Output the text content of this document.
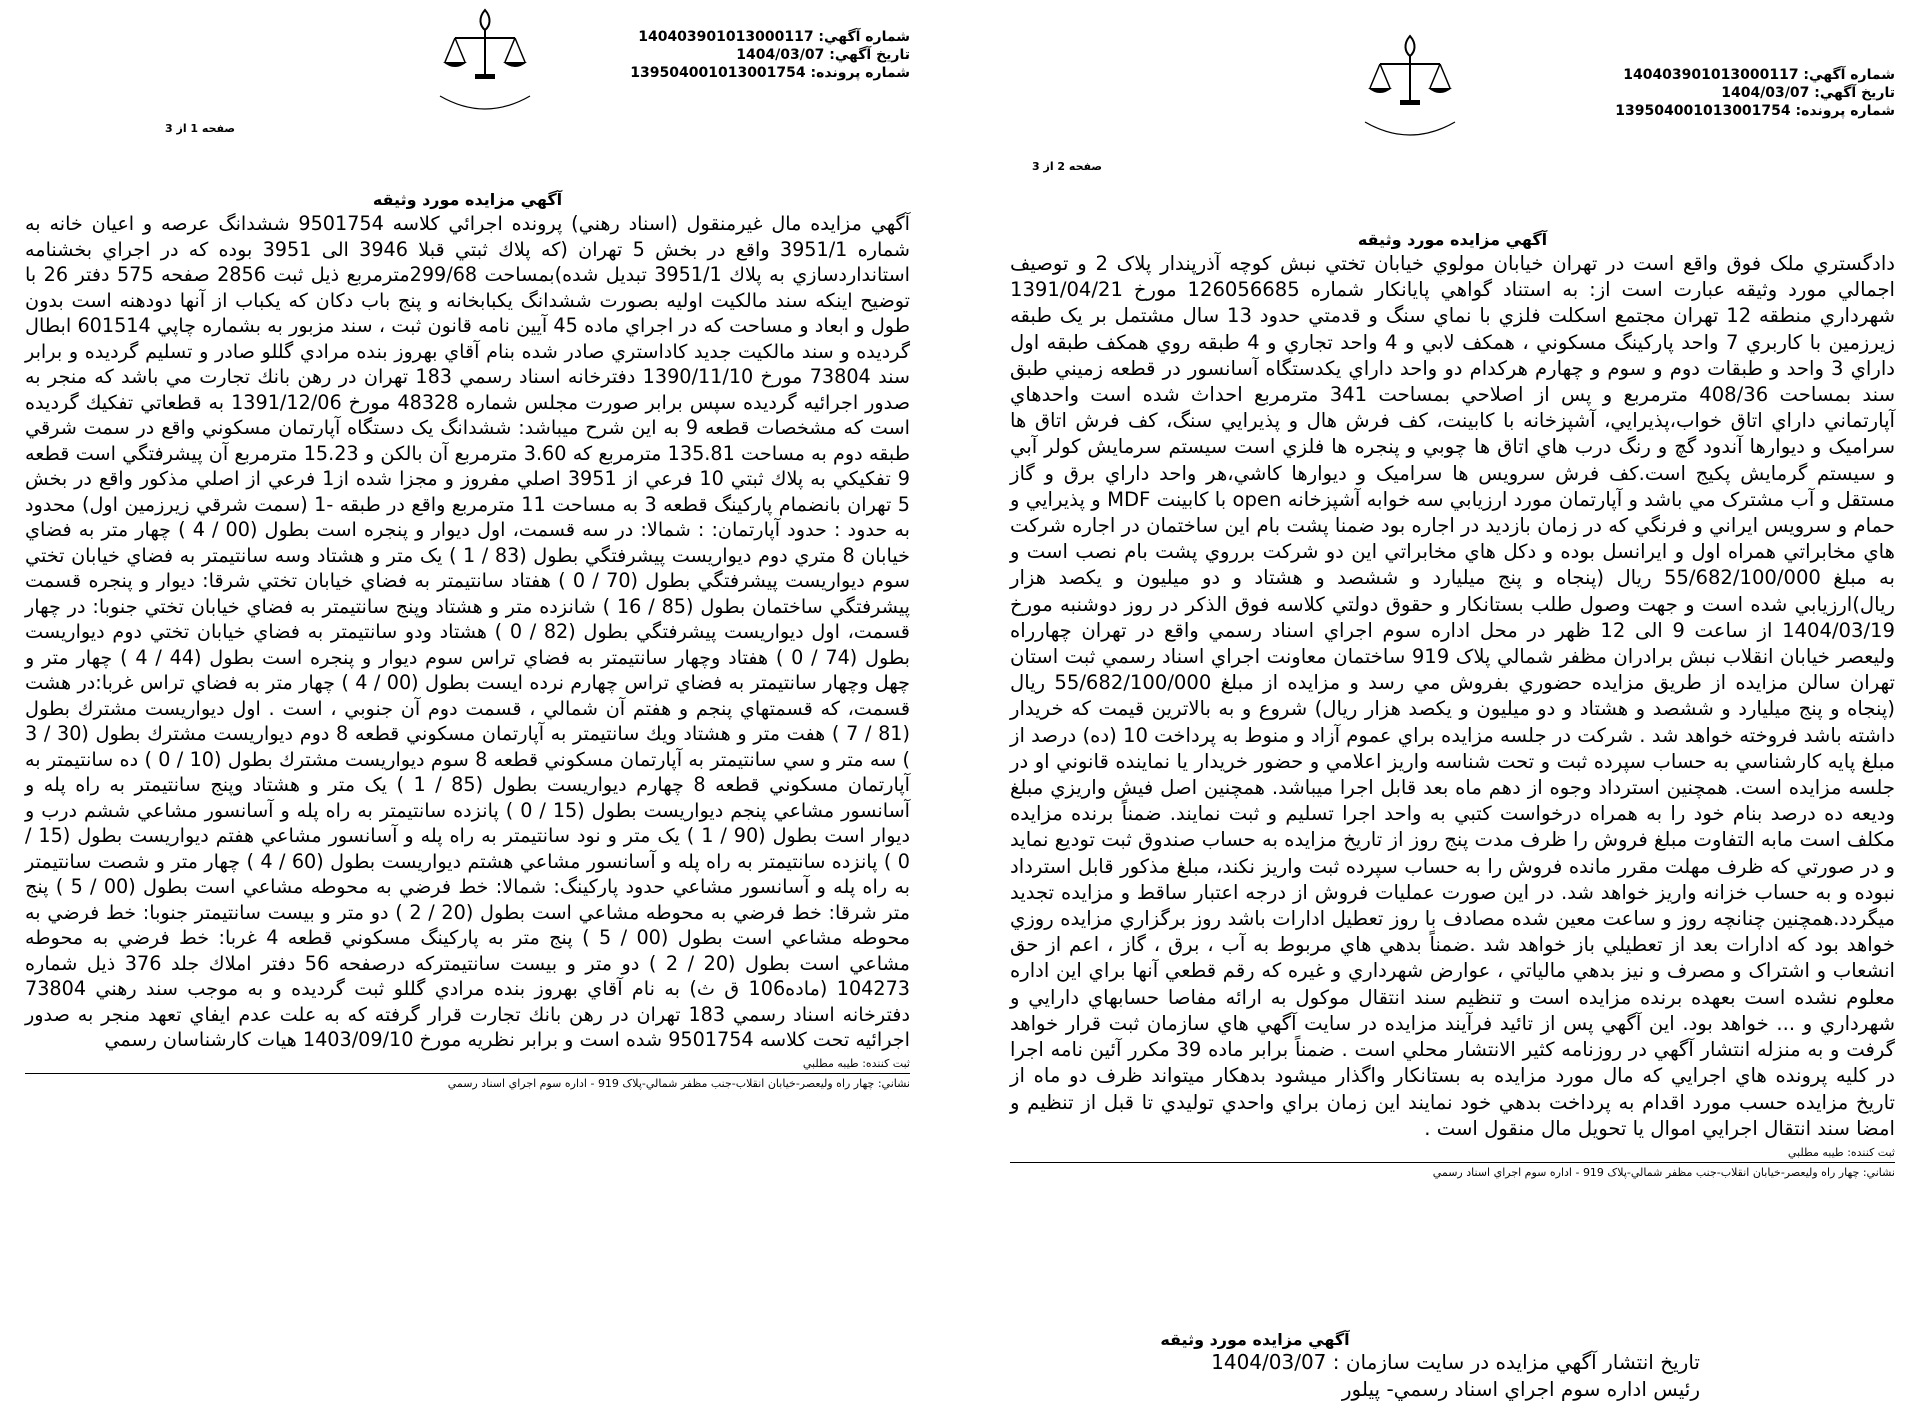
شماره آگهي: 140403901013000117
تاريخ آگهي: 1404/03/07
شماره پرونده: 139504001013001754
صفحه 1 از 3
آگهي مزايده مورد وثيقه
آگهي مزايده مال غيرمنقول (اسناد رهني) پرونده اجرائي كلاسه 9501754 ششدانگ عرصه و اعيان خانه به شماره 3951/1 واقع در بخش 5 تهران (كه پلاك ثبتي قبلا 3946 الى 3951 بوده كه در اجراي بخشنامه استانداردسازي به پلاك 3951/1 تبديل شده)بمساحت 299/68مترمربع ذيل ثبت 2856 صفحه 575 دفتر 26 با توضيح اينكه سند مالكيت اوليه بصورت ششدانگ يكبابخانه و پنج باب دكان كه يكباب از آنها دودهنه است بدون طول و ابعاد و مساحت كه در اجراي ماده 45 آيين نامه قانون ثبت ، سند مزبور به بشماره چاپي 601514 ابطال گرديده و سند مالكيت جديد كاداستري صادر شده بنام آقاي بهروز بنده مرادي گللو صادر و تسليم گرديده و برابر سند 73804 مورخ 1390/11/10 دفترخانه اسناد رسمي 183 تهران در رهن بانك تجارت مي باشد كه منجر به صدور اجرائيه گرديده سپس برابر صورت مجلس شماره 48328 مورخ 1391/12/06 به قطعاتي تفكيك گرديده است كه مشخصات قطعه 9 به اين شرح ميباشد: ششدانگ يک دستگاه آپارتمان مسكوني واقع در سمت شرقي طبقه دوم به مساحت 135.81 مترمربع كه 3.60 مترمربع آن بالكن و 15.23 مترمربع آن پيشرفتگي است قطعه 9 تفكيكي به پلاك ثبتي 10 فرعي از 3951 اصلي مفروز و مجزا شده از1 فرعي از اصلي مذكور واقع در بخش 5 تهران بانضمام پاركينگ قطعه 3 به مساحت 11 مترمربع واقع در طبقه -1 (سمت شرقي زيرزمين اول) محدود به حدود : حدود آپارتمان: : شمالا: در سه قسمت، اول ديوار و پنجره است بطول (00 / 4 ) چهار متر به فضاي خيابان 8 متري دوم ديواريست پيشرفتگي بطول (83 / 1 ) يک متر و هشتاد وسه سانتيمتر به فضاي خيابان تختي سوم ديواريست پيشرفتگي بطول (70 / 0 ) هفتاد سانتيمتر به فضاي خيابان تختي شرقا: ديوار و پنجره قسمت پيشرفتگي ساختمان بطول (85 / 16 ) شانزده متر و هشتاد وپنج سانتيمتر به فضاي خيابان تختي جنوبا: در چهار قسمت، اول ديواريست پيشرفتگي بطول (82 / 0 ) هشتاد ودو سانتيمتر به فضاي خيابان تختي دوم ديواريست بطول (74 / 0 ) هفتاد وچهار سانتيمتر به فضاي تراس سوم ديوار و پنجره است بطول (44 / 4 ) چهار متر و چهل وچهار سانتيمتر به فضاي تراس چهارم نرده ايست بطول (00 / 4 ) چهار متر به فضاي تراس غربا:در هشت قسمت، كه قسمتهاي پنجم و هفتم آن شمالي ، قسمت دوم آن جنوبي ، است . اول ديواريست مشترك بطول (81 / 7 ) هفت متر و هشتاد ويك سانتيمتر به آپارتمان مسكوني قطعه 8 دوم ديواريست مشترك بطول (30 / 3 ) سه متر و سي سانتيمتر به آپارتمان مسكوني قطعه 8 سوم ديواريست مشترك بطول (10 / 0 ) ده سانتيمتر به آپارتمان مسكوني قطعه 8 چهارم ديواريست بطول (85 / 1 ) يک متر و هشتاد وپنج سانتيمتر به راه پله و آسانسور مشاعي پنجم ديواريست بطول (15 / 0 ) پانزده سانتيمتر به راه پله و آسانسور مشاعي ششم درب و ديوار است بطول (90 / 1 ) يک متر و نود سانتيمتر به راه پله و آسانسور مشاعي هفتم ديواريست بطول (15 / 0 ) پانزده سانتيمتر به راه پله و آسانسور مشاعي هشتم ديواريست بطول (60 / 4 ) چهار متر و شصت سانتيمتر به راه پله و آسانسور مشاعي حدود پاركينگ: شمالا: خط فرضي به محوطه مشاعي است بطول (00 / 5 ) پنج متر شرقا: خط فرضي به محوطه مشاعي است بطول (20 / 2 ) دو متر و بيست سانتيمتر جنوبا: خط فرضي به محوطه مشاعي است بطول (00 / 5 ) پنج متر به پاركينگ مسكوني قطعه 4 غربا: خط فرضي به محوطه مشاعي است بطول (20 / 2 ) دو متر و بيست سانتيمترکه درصفحه 56 دفتر املاك جلد 376 ذيل شماره 104273 (ماده106 ق ث) به نام آقاي بهروز بنده مرادي گللو ثبت گرديده و به موجب سند رهني 73804 دفترخانه اسناد رسمي 183 تهران در رهن بانك تجارت قرار گرفته كه به علت عدم ايفاي تعهد منجر به صدور اجرائيه تحت كلاسه 9501754 شده است و برابر نظريه مورخ 1403/09/10 هيات كارشناسان رسمي
ثبت كننده: طيبه مطلبي
نشاني: چهار راه وليعصر-خيابان انقلاب-جنب مظفر شمالي-پلاک 919 - اداره سوم اجراي اسناد رسمي
شماره آگهي: 140403901013000117
تاريخ آگهي: 1404/03/07
شماره پرونده: 139504001013001754
صفحه 2 از 3
آگهي مزايده مورد وثيقه
دادگستري ملک فوق واقع است در تهران خيابان مولوي خيابان تختي نبش كوچه آذرپندار پلاک 2 و توصيف اجمالي مورد وثيقه عبارت است از: به استناد گواهي پايانكار شماره 126056685 مورخ 1391/04/21 شهرداري منطقه 12 تهران مجتمع اسكلت فلزي با نماي سنگ و قدمتي حدود 13 سال مشتمل بر يک طبقه زيرزمين با كاربري 7 واحد پاركينگ مسكوني ، همكف لابي و 4 واحد تجاري و 4 طبقه روي همكف طبقه اول داراي 3 واحد و طبقات دوم و سوم و چهارم هركدام دو واحد داراي يكدستگاه آسانسور در قطعه زميني طبق سند بمساحت 408/36 مترمربع و پس از اصلاحي بمساحت 341 مترمربع احداث شده است واحدهاي آپارتماني داراي اتاق خواب،پذيرايي، آشپزخانه با كابينت، كف فرش هال و پذيرايي سنگ، كف فرش اتاق ها سراميک و ديوارها آندود گچ و رنگ درب هاي اتاق ها چوبي و پنجره ها فلزي است سيستم سرمايش كولر آبي و سيستم گرمايش پكيج است.كف فرش سرويس ها سراميک و ديوارها كاشي،هر واحد داراي برق و گاز مستقل و آب مشترک مي باشد و آپارتمان مورد ارزيابي سه خوابه آشپزخانه open با كابينت MDF و پذيرايي و حمام و سرويس ايراني و فرنگي كه در زمان بازديد در اجاره بود ضمنا پشت بام اين ساختمان در اجاره شركت هاي مخابراتي همراه اول و ايرانسل بوده و دكل هاي مخابراتي اين دو شركت برروي پشت بام نصب است و به مبلغ 55/682/100/000 ريال (پنجاه و پنج ميليارد و ششصد و هشتاد و دو ميليون و يكصد هزار ريال)ارزيابي شده است و جهت وصول طلب بستانكار و حقوق دولتي كلاسه فوق الذكر در روز دوشنبه مورخ 1404/03/19 از ساعت 9 الى 12 ظهر در محل اداره سوم اجراي اسناد رسمي واقع در تهران چهارراه وليعصر خيابان انقلاب نبش برادران مظفر شمالي پلاک 919 ساختمان معاونت اجراي اسناد رسمي ثبت استان تهران سالن مزايده از طريق مزايده حضوري بفروش مي رسد و مزايده از مبلغ 55/682/100/000 ريال (پنجاه و پنج ميليارد و ششصد و هشتاد و دو ميليون و يكصد هزار ريال) شروع و به بالاترين قيمت كه خريدار داشته باشد فروخته خواهد شد . شركت در جلسه مزايده براي عموم آزاد و منوط به پرداخت 10 (ده) درصد از مبلغ پايه كارشناسي به حساب سپرده ثبت و تحت شناسه واريز اعلامي و حضور خريدار يا نماينده قانوني او در جلسه مزايده است. همچنين استرداد وجوه از دهم ماه بعد قابل اجرا ميباشد. همچنين اصل فيش واريزي مبلغ وديعه ده درصد بنام خود را به همراه درخواست كتبي به واحد اجرا تسليم و ثبت نمايند. ضمناً برنده مزايده مكلف است مابه التفاوت مبلغ فروش را ظرف مدت پنج روز از تاريخ مزايده به حساب صندوق ثبت توديع نمايد و در صورتي كه ظرف مهلت مقرر مانده فروش را به حساب سپرده ثبت واريز نكند، مبلغ مذكور قابل استرداد نبوده و به حساب خزانه واريز خواهد شد. در اين صورت عمليات فروش از درجه اعتبار ساقط و مزايده تجديد ميگردد.همچنين چنانچه روز و ساعت معين شده مصادف با روز تعطيل ادارات باشد روز برگزاري مزايده روزي خواهد بود كه ادارات بعد از تعطيلي باز خواهد شد .ضمناً بدهي هاي مربوط به آب ، برق ، گاز ، اعم از حق انشعاب و اشتراک و مصرف و نيز بدهي مالياتي ، عوارض شهرداري و غيره كه رقم قطعي آنها براي اين اداره معلوم نشده است بعهده برنده مزايده است و تنظيم سند انتقال موكول به ارائه مفاصا حسابهاي دارايي و شهرداري و ... خواهد بود. اين آگهي پس از تائيد فرآيند مزايده در سايت آگهي هاي سازمان ثبت قرار خواهد گرفت و به منزله انتشار آگهي در روزنامه كثير الانتشار محلي است . ضمناً برابر ماده 39 مكرر آئين نامه اجرا در كليه پرونده هاي اجرايي كه مال مورد مزايده به بستانكار واگذار ميشود بدهكار ميتواند ظرف دو ماه از تاريخ مزايده حسب مورد اقدام به پرداخت بدهي خود نمايند اين زمان براي واحدي توليدي تا قبل از تنظيم و امضا سند انتقال اجرايي اموال يا تحويل مال منقول است .
ثبت كننده: طيبه مطلبي
نشاني: چهار راه وليعصر-خيابان انقلاب-جنب مظفر شمالي-پلاک 919 - اداره سوم اجراي اسناد رسمي
آگهي مزايده مورد وثيقه
تاريخ انتشار آگهي مزايده در سايت سازمان : 1404/03/07
رئيس اداره سوم اجراي اسناد رسمي- پيلور
